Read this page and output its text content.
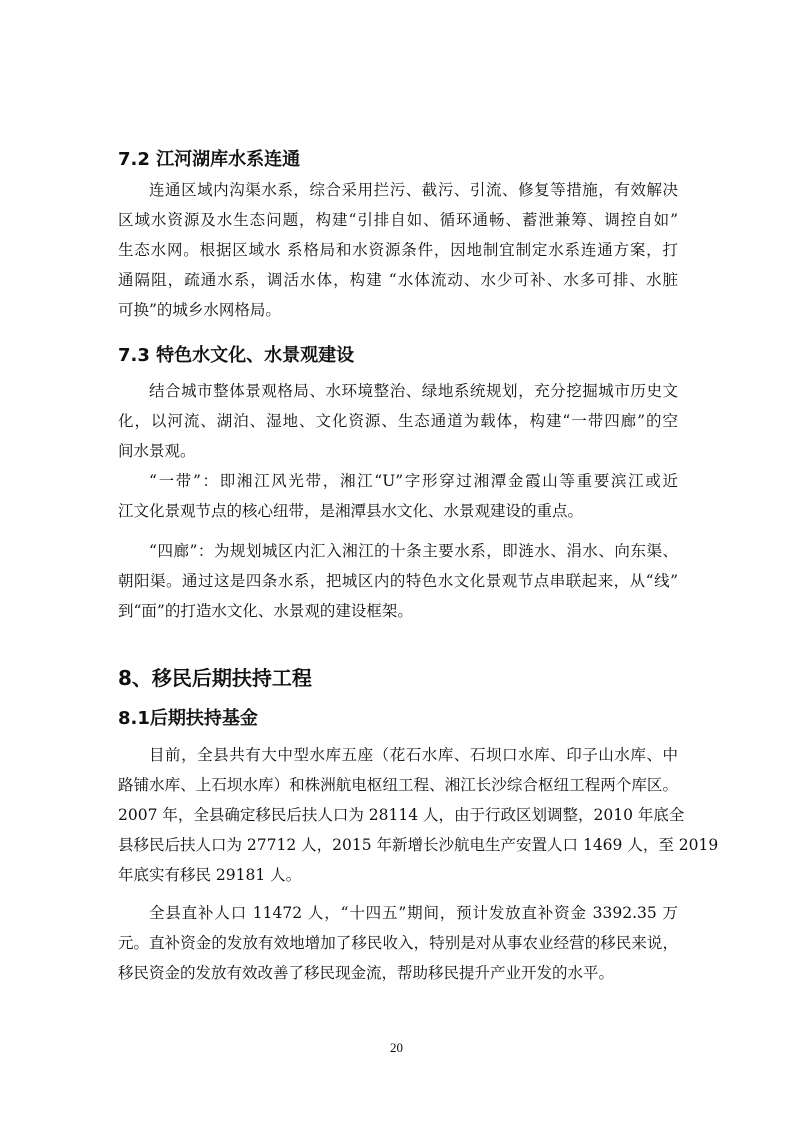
7.2 江河湖库水系连通
连通区域内沟渠水系，综合采用拦污、截污、引流、修复等措施，有效解决
区域水资源及水生态问题，构建“引排自如、循环通畅、蓄泄兼筹、调控自如”
生态水网。根据区域水 系格局和水资源条件，因地制宜制定水系连通方案，打
通隔阻，疏通水系，调活水体，构建 “水体流动、水少可补、水多可排、水脏
可换”的城乡水网格局。
7.3 特色水文化、水景观建设
结合城市整体景观格局、水环境整治、绿地系统规划，充分挖掘城市历史文
化，以河流、湖泊、湿地、文化资源、生态通道为载体，构建“一带四廊”的空
间水景观。
“一带”：即湘江风光带，湘江“U”字形穿过湘潭金霞山等重要滨江或近
江文化景观节点的核心纽带，是湘潭县水文化、水景观建设的重点。
“四廊”：为规划城区内汇入湘江的十条主要水系，即涟水、涓水、向东渠、
朝阳渠。通过这是四条水系，把城区内的特色水文化景观节点串联起来，从“线”
到“面”的打造水文化、水景观的建设框架。
8、移民后期扶持工程
8.1后期扶持基金
目前，全县共有大中型水库五座（花石水库、石坝口水库、印子山水库、中
路铺水库、上石坝水库）和株洲航电枢纽工程、湘江长沙综合枢纽工程两个库区。
2007 年，全县确定移民后扶人口为 28114 人，由于行政区划调整，2010 年底全
县移民后扶人口为 27712 人，2015 年新增长沙航电生产安置人口 1469 人，至 2019
年底实有移民 29181 人。
全县直补人口 11472 人，“十四五”期间，预计发放直补资金 3392.35 万
元。直补资金的发放有效地增加了移民收入，特别是对从事农业经营的移民来说，
移民资金的发放有效改善了移民现金流，帮助移民提升产业开发的水平。
20
